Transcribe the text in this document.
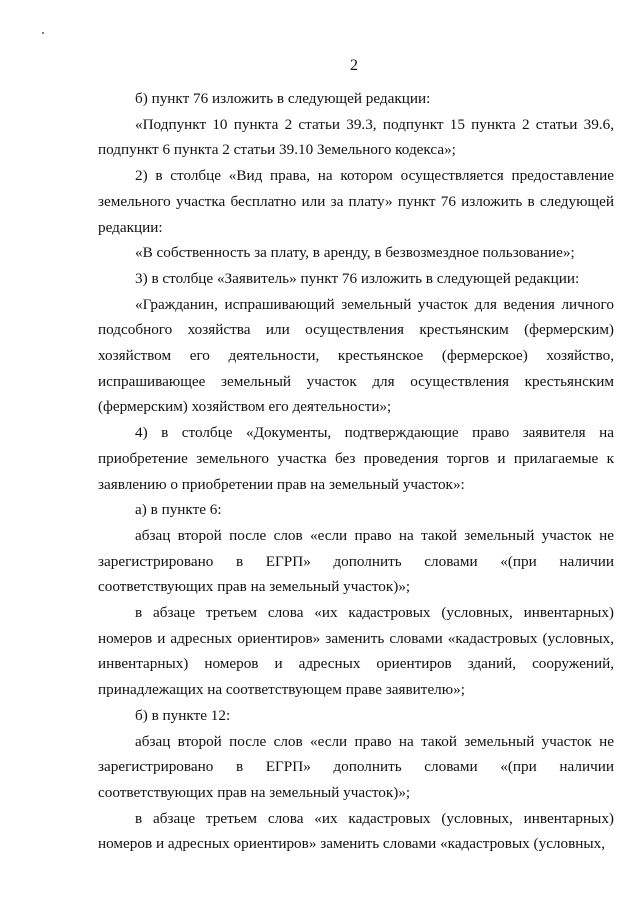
2

б) пункт 76 изложить в следующей редакции:

«Подпункт 10 пункта 2 статьи 39.3, подпункт 15 пункта 2 статьи 39.6, подпункт 6 пункта 2 статьи 39.10 Земельного кодекса»;

2) в столбце «Вид права, на котором осуществляется предоставление земельного участка бесплатно или за плату» пункт 76 изложить в следующей редакции:

«В собственность за плату, в аренду, в безвозмездное пользование»;

3) в столбце «Заявитель» пункт 76 изложить в следующей редакции:

«Гражданин, испрашивающий земельный участок для ведения личного подсобного хозяйства или осуществления крестьянским (фермерским) хозяйством его деятельности, крестьянское (фермерское) хозяйство, испрашивающее земельный участок для осуществления крестьянским (фермерским) хозяйством его деятельности»;

4) в столбце «Документы, подтверждающие право заявителя на приобретение земельного участка без проведения торгов и прилагаемые к заявлению о приобретении прав на земельный участок»:

а) в пункте 6:

абзац второй после слов «если право на такой земельный участок не зарегистрировано в ЕГРП» дополнить словами «(при наличии соответствующих прав на земельный участок)»;

в абзаце третьем слова «их кадастровых (условных, инвентарных) номеров и адресных ориентиров» заменить словами «кадастровых (условных, инвентарных) номеров и адресных ориентиров зданий, сооружений, принадлежащих на соответствующем праве заявителю»;

б) в пункте 12:

абзац второй после слов «если право на такой земельный участок не зарегистрировано в ЕГРП» дополнить словами «(при наличии соответствующих прав на земельный участок)»;

в абзаце третьем слова «их кадастровых (условных, инвентарных) номеров и адресных ориентиров» заменить словами «кадастровых (условных,
